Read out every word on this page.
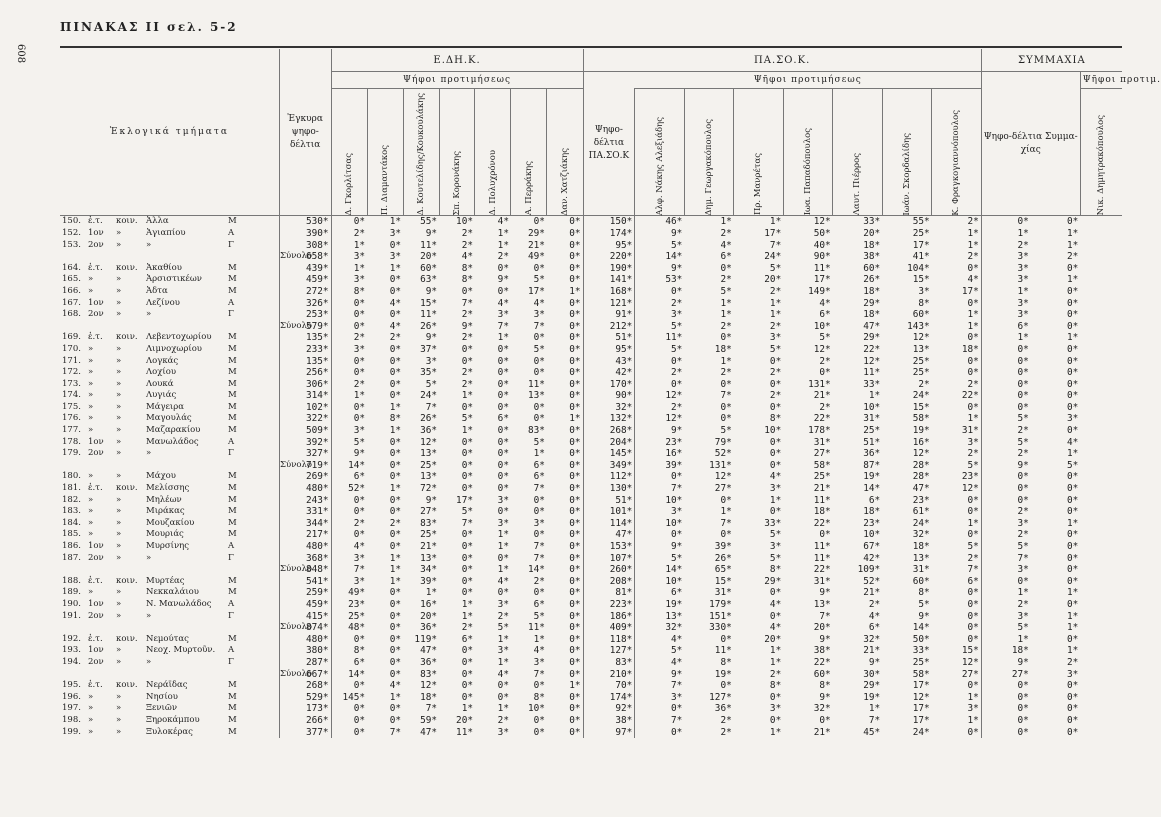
ΠΙΝΑΚΑΣ ΙΙ σελ. 5-2
608
Ἐκλογικά τμήματα	Ἐγκυρα ψηφο-δέλτια	Ε.ΔΗ.Κ.							ΠΑ.ΣΟ.Κ.								ΣΥΜΜΑΧΙΑ		
		Ψήφοι προτιμήσεως							Ψηφο-δέλτια ΠΑ.ΣΟ.Κ	Ψῆφοι προτιμήσεως							Ψηφο-δέλτια Συμμα-χίας		Ψῆφοι προτιμ.

		Δ. Γκορλίτσας	Π. Διαμαντάκος	Δ. Κουτελίδης/Κουκουλάκης	Σπ. Κορονάκης	Δ. Πολυχρόνου	Α. Περράκης	Δαν. Χατζιάκης		Αλφ. Νάκης Αλεξιάδης	Δημ. Γεωργακόπουλος	Πρ. Μανρέτας	Ιωα. Παπαδόπουλος	Λαυτ. Πιέρρος	Ιωάν. Σκορδαλίδης	Κ. Φραγκογιαννόπουλος			Νικ. Δημητρακόπουλος

150. ἐ.τ. κοιν. Ἀλλα Μ	530*	0*	1*	55*	10*	4*	0*	0*	150*	46*	1*	1*	12*	33*	55*	2*	0*	0*	
152. 1ον » Ἀγιαπίου Α	390*	2*	3*	9*	2*	1*	29*	0*	174*	9*	2*	17*	50*	20*	25*	1*	1*	1*	
153. 2ον » » Γ	308*	1*	0*	11*	2*	1*	21*	0*	95*	5*	4*	7*	40*	18*	17*	1*	2*	1*	
Σύνολο	658*	3*	3*	20*	4*	2*	49*	0*	220*	14*	6*	24*	90*	38*	41*	2*	3*	2*	
164. ἐ.τ. κοιν. Ἀκαθίου Μ	439*	1*	1*	60*	8*	0*	0*	0*	190*	9*	0*	5*	11*	60*	104*	0*	3*	0*	
165. » » Ἀρσιστικέων Μ	459*	3*	0*	63*	8*	9*	5*	0*	141*	53*	2*	20*	17*	26*	15*	4*	3*	1*	
166. » » Ἀδτα Μ	272*	8*	0*	9*	0*	0*	17*	1*	168*	0*	5*	2*	149*	18*	3*	17*	1*	0*	
167. 1ον » Λεζίνου Α	326*	0*	4*	15*	7*	4*	4*	0*	121*	2*	1*	1*	4*	29*	8*	0*	3*	0*	
168. 2ον » » Γ	253*	0*	0*	11*	2*	3*	3*	0*	91*	3*	1*	1*	6*	18*	60*	1*	3*	0*	
Σύνολο	579*	0*	4*	26*	9*	7*	7*	0*	212*	5*	2*	2*	10*	47*	143*	1*	6*	0*	
169. ἐ.τ. κοιν. Λεβεντοχωρίου Μ	135*	2*	2*	9*	2*	1*	0*	0*	51*	11*	0*	3*	5*	29*	12*	0*	1*	1*	
170. » » Λιμνοχωρίου Μ	233*	3*	0*	37*	0*	0*	5*	0*	95*	5*	18*	5*	12*	22*	13*	18*	0*	0*	
171. » » Λογκάς Μ	135*	0*	0*	3*	0*	0*	0*	0*	43*	0*	1*	0*	2*	12*	25*	0*	0*	0*	
172. » » Λοχίου Μ	256*	0*	0*	35*	2*	0*	0*	0*	42*	2*	2*	2*	0*	11*	25*	0*	0*	0*	
173. » » Λουκά Μ	306*	2*	0*	5*	2*	0*	11*	0*	170*	0*	0*	0*	131*	33*	2*	2*	0*	0*	
174. » » Λυγιάς Μ	314*	1*	0*	24*	1*	0*	13*	0*	90*	12*	7*	2*	21*	1*	24*	22*	0*	0*	
175. » » Μάγειρα Μ	102*	0*	1*	7*	0*	0*	0*	0*	32*	2*	0*	0*	2*	10*	15*	0*	0*	0*	
176. » » Μαγουλάς Μ	322*	0*	8*	26*	5*	6*	0*	1*	132*	12*	0*	8*	22*	31*	58*	1*	5*	3*	
177. » » Μαζαρακίου Μ	509*	3*	1*	36*	1*	0*	83*	0*	268*	9*	5*	10*	178*	25*	19*	31*	2*	0*	
178. 1ον » Μανωλάδος Α	392*	5*	0*	12*	0*	0*	5*	0*	204*	23*	79*	0*	31*	51*	16*	3*	5*	4*	
179. 2ον » » Γ	327*	9*	0*	13*	0*	0*	1*	0*	145*	16*	52*	0*	27*	36*	12*	2*	2*	1*	
Σύνολο	719*	14*	0*	25*	0*	0*	6*	0*	349*	39*	131*	0*	58*	87*	28*	5*	9*	5*	
180. » » Μάχου Μ	269*	6*	0*	13*	0*	0*	6*	0*	112*	0*	12*	4*	25*	19*	28*	23*	0*	0*	
181. ἐ.τ. κοιν. Μελίσσης Μ	480*	52*	1*	72*	0*	0*	7*	0*	130*	7*	27*	3*	21*	14*	47*	12*	0*	0*	
182. » » Μηλέων Μ	243*	0*	0*	9*	17*	3*	0*	0*	51*	10*	0*	1*	11*	6*	23*	0*	0*	0*	
183. » » Μιράκας Μ	331*	0*	0*	27*	5*	0*	0*	0*	101*	3*	1*	0*	18*	18*	61*	0*	2*	0*	
184. » » Μουζακίου Μ	344*	2*	2*	83*	7*	3*	3*	0*	114*	10*	7*	33*	22*	23*	24*	1*	3*	1*	
185. » » Μουριάς Μ	217*	0*	0*	25*	0*	1*	0*	0*	47*	0*	0*	5*	0*	10*	32*	0*	2*	0*	
186. 1ον » Μυρσίνης Α	480*	4*	0*	21*	0*	1*	7*	0*	153*	9*	39*	3*	11*	67*	18*	5*	5*	0*	
187. 2ον » » Γ	368*	3*	1*	13*	0*	0*	7*	0*	107*	5*	26*	5*	11*	42*	13*	2*	7*	0*	
Σύνολο	848*	7*	1*	34*	0*	1*	14*	0*	260*	14*	65*	8*	22*	109*	31*	7*	3*	0*	
188. ἐ.τ. κοιν. Μυρτέας Μ	541*	3*	1*	39*	0*	4*	2*	0*	208*	10*	15*	29*	31*	52*	60*	6*	0*	0*	
189. » » Νεκκαλάιου Μ	259*	49*	0*	1*	0*	0*	0*	0*	81*	6*	31*	0*	9*	21*	8*	0*	1*	1*	
190. 1ον » Ν. Μανωλάδος Α	459*	23*	0*	16*	1*	3*	6*	0*	223*	19*	179*	4*	13*	2*	5*	0*	2*	0*	
191. 2ον » » Γ	415*	25*	0*	20*	1*	2*	5*	0*	186*	13*	151*	0*	7*	4*	9*	0*	3*	1*	
Σύνολο	874*	48*	0*	36*	2*	5*	11*	0*	409*	32*	330*	4*	20*	6*	14*	0*	5*	1*	
192. ἐ.τ. κοιν. Νεμούτας Μ	480*	0*	0*	119*	6*	1*	1*	0*	118*	4*	0*	20*	9*	32*	50*	0*	1*	0*	
193. 1ον » Νεοχ. Μυρτοῦν. Α	380*	8*	0*	47*	0*	3*	4*	0*	127*	5*	11*	1*	38*	21*	33*	15*	18*	1*	
194. 2ον » » Γ	287*	6*	0*	36*	0*	1*	3*	0*	83*	4*	8*	1*	22*	9*	25*	12*	9*	2*	
Σύνολο	667*	14*	0*	83*	0*	4*	7*	0*	210*	9*	19*	2*	60*	30*	58*	27*	27*	3*	
195. ἐ.τ. κοιν. Νεράϊδας Μ	268*	0*	4*	12*	0*	0*	0*	1*	70*	7*	0*	8*	8*	29*	17*	0*	0*	0*	
196. » » Νησίου Μ	529*	145*	1*	18*	0*	0*	8*	0*	174*	3*	127*	0*	9*	19*	12*	1*	0*	0*	
197. » » Ξενιῶν Μ	173*	0*	0*	7*	1*	1*	10*	0*	92*	0*	36*	3*	32*	1*	17*	3*	0*	0*	
198. » » Ξηροκάμπου Μ	266*	0*	0*	59*	20*	2*	0*	0*	38*	7*	2*	0*	0*	7*	17*	1*	0*	0*	
199. » » Ξυλοκέρας Μ	377*	0*	7*	47*	11*	3*	0*	0*	97*	0*	2*	1*	21*	45*	24*	0*	0*	0*	
